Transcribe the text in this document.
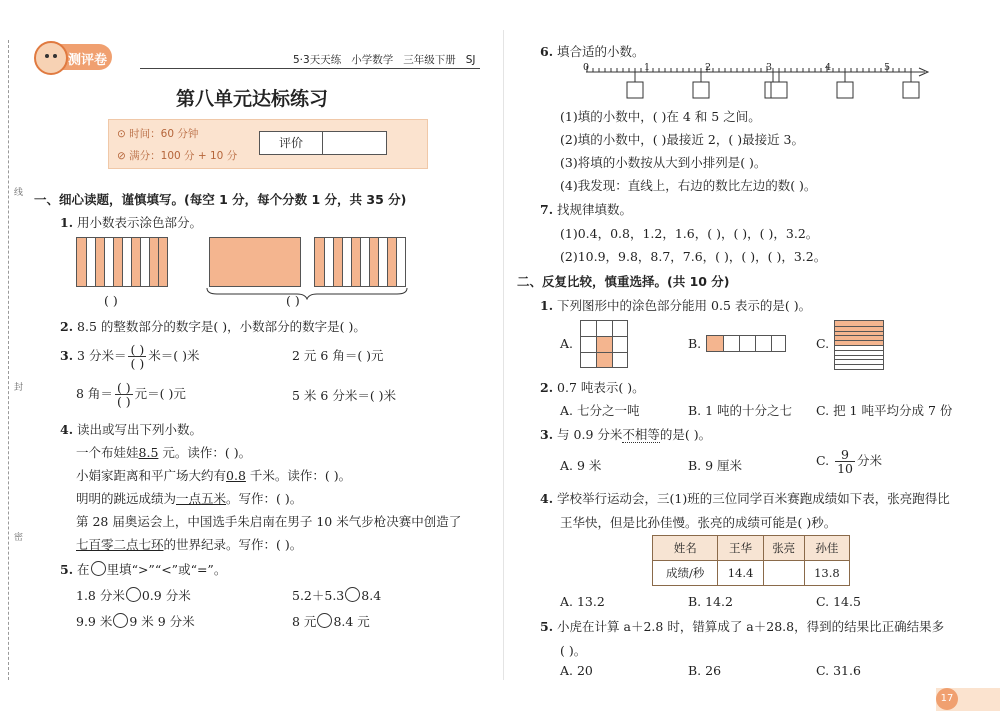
线
封
密
测评卷	5·3天天练 小学数学 三年级下册 SJ
第八单元达标练习
⊙ 时间：60 分钟
⊘ 满分：100 分 + 10 分
评价
一、细心读题，谨慎填写。(每空 1 分，每个分数 1 分，共 35 分)
1. 用小数表示涂色部分。
( )	( )
2. 8.5 的整数部分的数字是( )，小数部分的数字是( )。
3. 3 分米＝ $\frac{( )}{( )}$ 米＝( )米	2 元 6 角＝( )元
8 角＝ $\frac{( )}{( )}$ 元＝( )元	5 米 6 分米＝( )米
4. 读出或写出下列小数。
一个布娃娃8.5 元。读作：( )。
小娟家距离和平广场大约有0.8 千米。读作：( )。
明明的跳远成绩为一点五米。写作：( )。
第 28 届奥运会上，中国选手朱启南在男子 10 米气步枪决赛中创造了
七百零二点七环的世界纪录。写作：( )。
5. 在 里填“>”“<”或“=”。
1.8 分米 0.9 分米	5.2＋5.3 8.4
9.9 米 9 米 9 分米	8 元 8.4 元
6. 填合适的小数。
0	1	2	3	4	5
(1)填的小数中，( )在 4 和 5 之间。
(2)填的小数中，( )最接近 2，( )最接近 3。
(3)将填的小数按从大到小排列是( )。
(4)我发现：直线上，右边的数比左边的数( )。
7. 找规律填数。
(1)0.4，0.8，1.2，1.6，( )，( )，( )，3.2。
(2)10.9，9.8，8.7，7.6，( )，( )，( )，3.2。
二、反复比较，慎重选择。(共 10 分)
1. 下列图形中的涂色部分能用 0.5 表示的是( )。
A.	B.	C.
2. 0.7 吨表示( )。
A. 七分之一吨	B. 1 吨的十分之七 C. 把 1 吨平均分成 7 份
3. 与 0.9 分米不相等的是( )。
A. 9 米	B. 9 厘米	C. $\frac{9}{10}$ 分米
4. 学校举行运动会，三(1)班的三位同学百米赛跑成绩如下表，张亮跑得比
王华快，但是比孙佳慢。张亮的成绩可能是( )秒。
姓名	王华	张亮	孙佳
成绩/秒	14.4		13.8
A. 13.2	B. 14.2	C. 14.5
5. 小虎在计算 a＋2.8 时，错算成了 a＋28.8，得到的结果比正确结果多
( )。
A. 20	B. 26	C. 31.6
17
